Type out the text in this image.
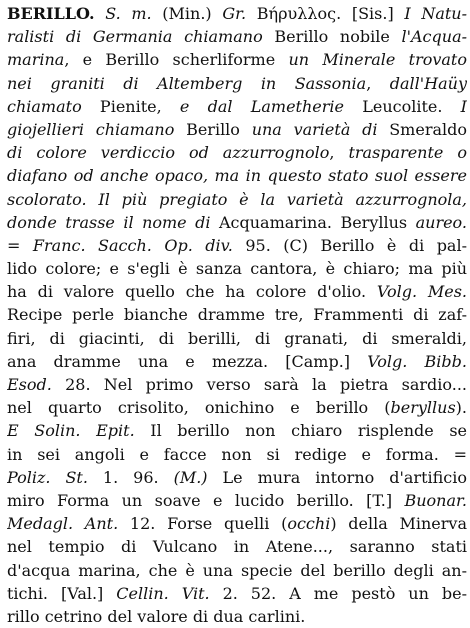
BERILLO. S. m. (Min.) Gr. Βήρυλλος. [Sis.] I Natu-
ralisti di Germania chiamano Berillo nobile l'Acqua-
marina, e Berillo scherliforme un Minerale trovato
nei graniti di Altemberg in Sassonia, dall'Haüy
chiamato Pienite, e dal Lametherie Leucolite. I
giojellieri chiamano Berillo una varietà di Smeraldo
di colore verdiccio od azzurrognolo, trasparente o
diafano od anche opaco, ma in questo stato suol essere
scolorato. Il più pregiato è la varietà azzurrognola,
donde trasse il nome di Acquamarina. Beryllus aureo.
= Franc. Sacch. Op. div. 95. (C) Berillo è di pal-
lido colore; e s'egli è sanza cantora, è chiaro; ma più
ha di valore quello che ha colore d'olio. Volg. Mes.
Recipe perle bianche dramme tre, Frammenti di zaf-
firi, di giacinti, di berilli, di granati, di smeraldi,
ana dramme una e mezza. [Camp.] Volg. Bibb.
Esod. 28. Nel primo verso sarà la pietra sardio...
nel quarto crisolito, onichino e berillo (beryllus).
E Solin. Epit. Il berillo non chiaro risplende se
in sei angoli e facce non si redige e forma. =
Poliz. St. 1. 96. (M.) Le mura intorno d'artificio
miro Forma un soave e lucido berillo. [T.] Buonar.
Medagl. Ant. 12. Forse quelli (occhi) della Minerva
nel tempio di Vulcano in Atene..., saranno stati
d'acqua marina, che è una specie del berillo degli an-
tichi. [Val.] Cellin. Vit. 2. 52. A me pestò un be-
rillo cetrino del valore di dua carlini.
